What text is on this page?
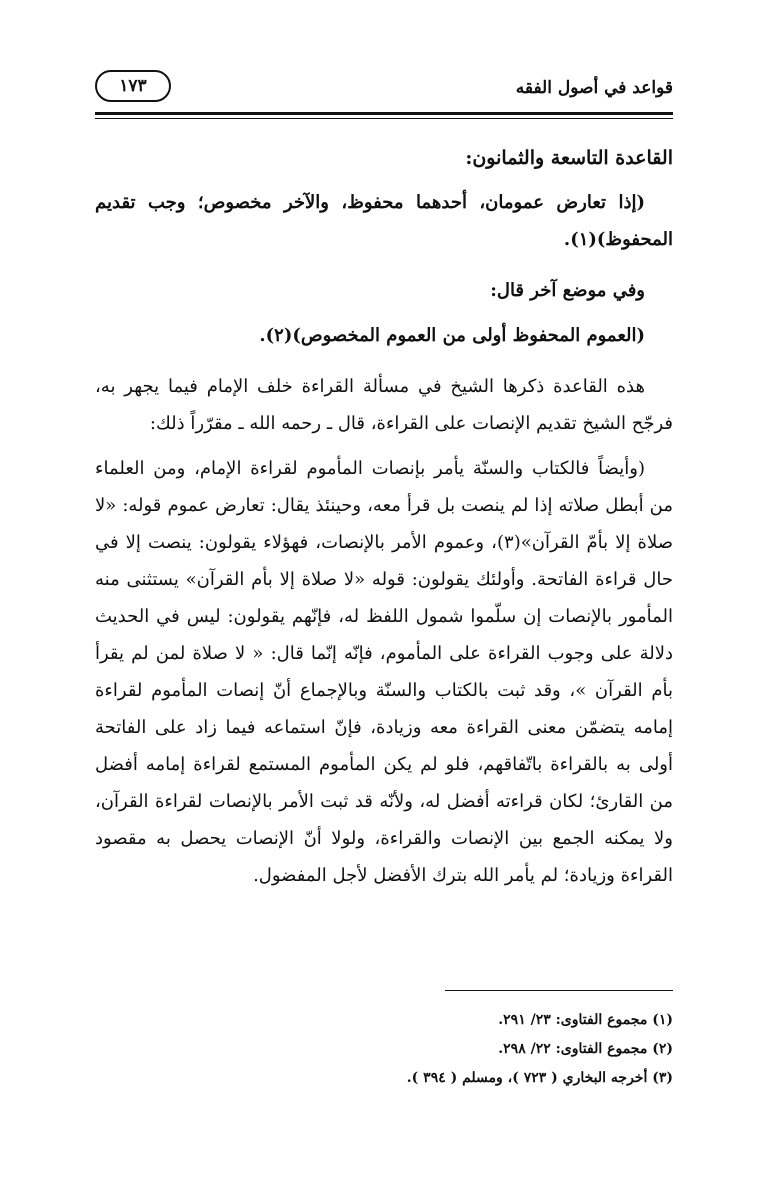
قواعد في أصول الفقه
١٧٣
القاعدة التاسعة والثمانون:

(إذا تعارض عمومان، أحدهما محفوظ، والآخر مخصوص؛ وجب تقديم المحفوظ)(١).

وفي موضع آخر قال:

(العموم المحفوظ أولى من العموم المخصوص)(٢).

هذه القاعدة ذكرها الشيخ في مسألة القراءة خلف الإمام فيما يجهر به، فرجّح الشيخ تقديم الإنصات على القراءة، قال ـ رحمه الله ـ مقرّراً ذلك:

(وأيضاً فالكتاب والسنّة يأمر بإنصات المأموم لقراءة الإمام، ومن العلماء من أبطل صلاته إذا لم ينصت بل قرأ معه، وحينئذ يقال: تعارض عموم قوله: «لا صلاة إلا بأمّ القرآن»(٣)، وعموم الأمر بالإنصات، فهؤلاء يقولون: ينصت إلا في حال قراءة الفاتحة. وأولئك يقولون: قوله «لا صلاة إلا بأم القرآن» يستثنى منه المأمور بالإنصات إن سلّموا شمول اللفظ له، فإنّهم يقولون: ليس في الحديث دلالة على وجوب القراءة على المأموم، فإنّه إنّما قال: « لا صلاة لمن لم يقرأ بأم القرآن »، وقد ثبت بالكتاب والسنّة وبالإجماع أنّ إنصات المأموم لقراءة إمامه يتضمّن معنى القراءة معه وزيادة، فإنّ استماعه فيما زاد على الفاتحة أولى به بالقراءة باتّفاقهم، فلو لم يكن المأموم المستمع لقراءة إمامه أفضل من القارئ؛ لكان قراءته أفضل له، ولأنّه قد ثبت الأمر بالإنصات لقراءة القرآن، ولا يمكنه الجمع بين الإنصات والقراءة، ولولا أنّ الإنصات يحصل به مقصود القراءة وزيادة؛ لم يأمر الله بترك الأفضل لأجل المفضول.

(١) مجموع الفتاوى: ٢٣/ ٢٩١.

(٢) مجموع الفتاوى: ٢٢/ ٢٩٨.

(٣) أخرجه البخاري ( ٧٢٣ )، ومسلم ( ٣٩٤ ).
